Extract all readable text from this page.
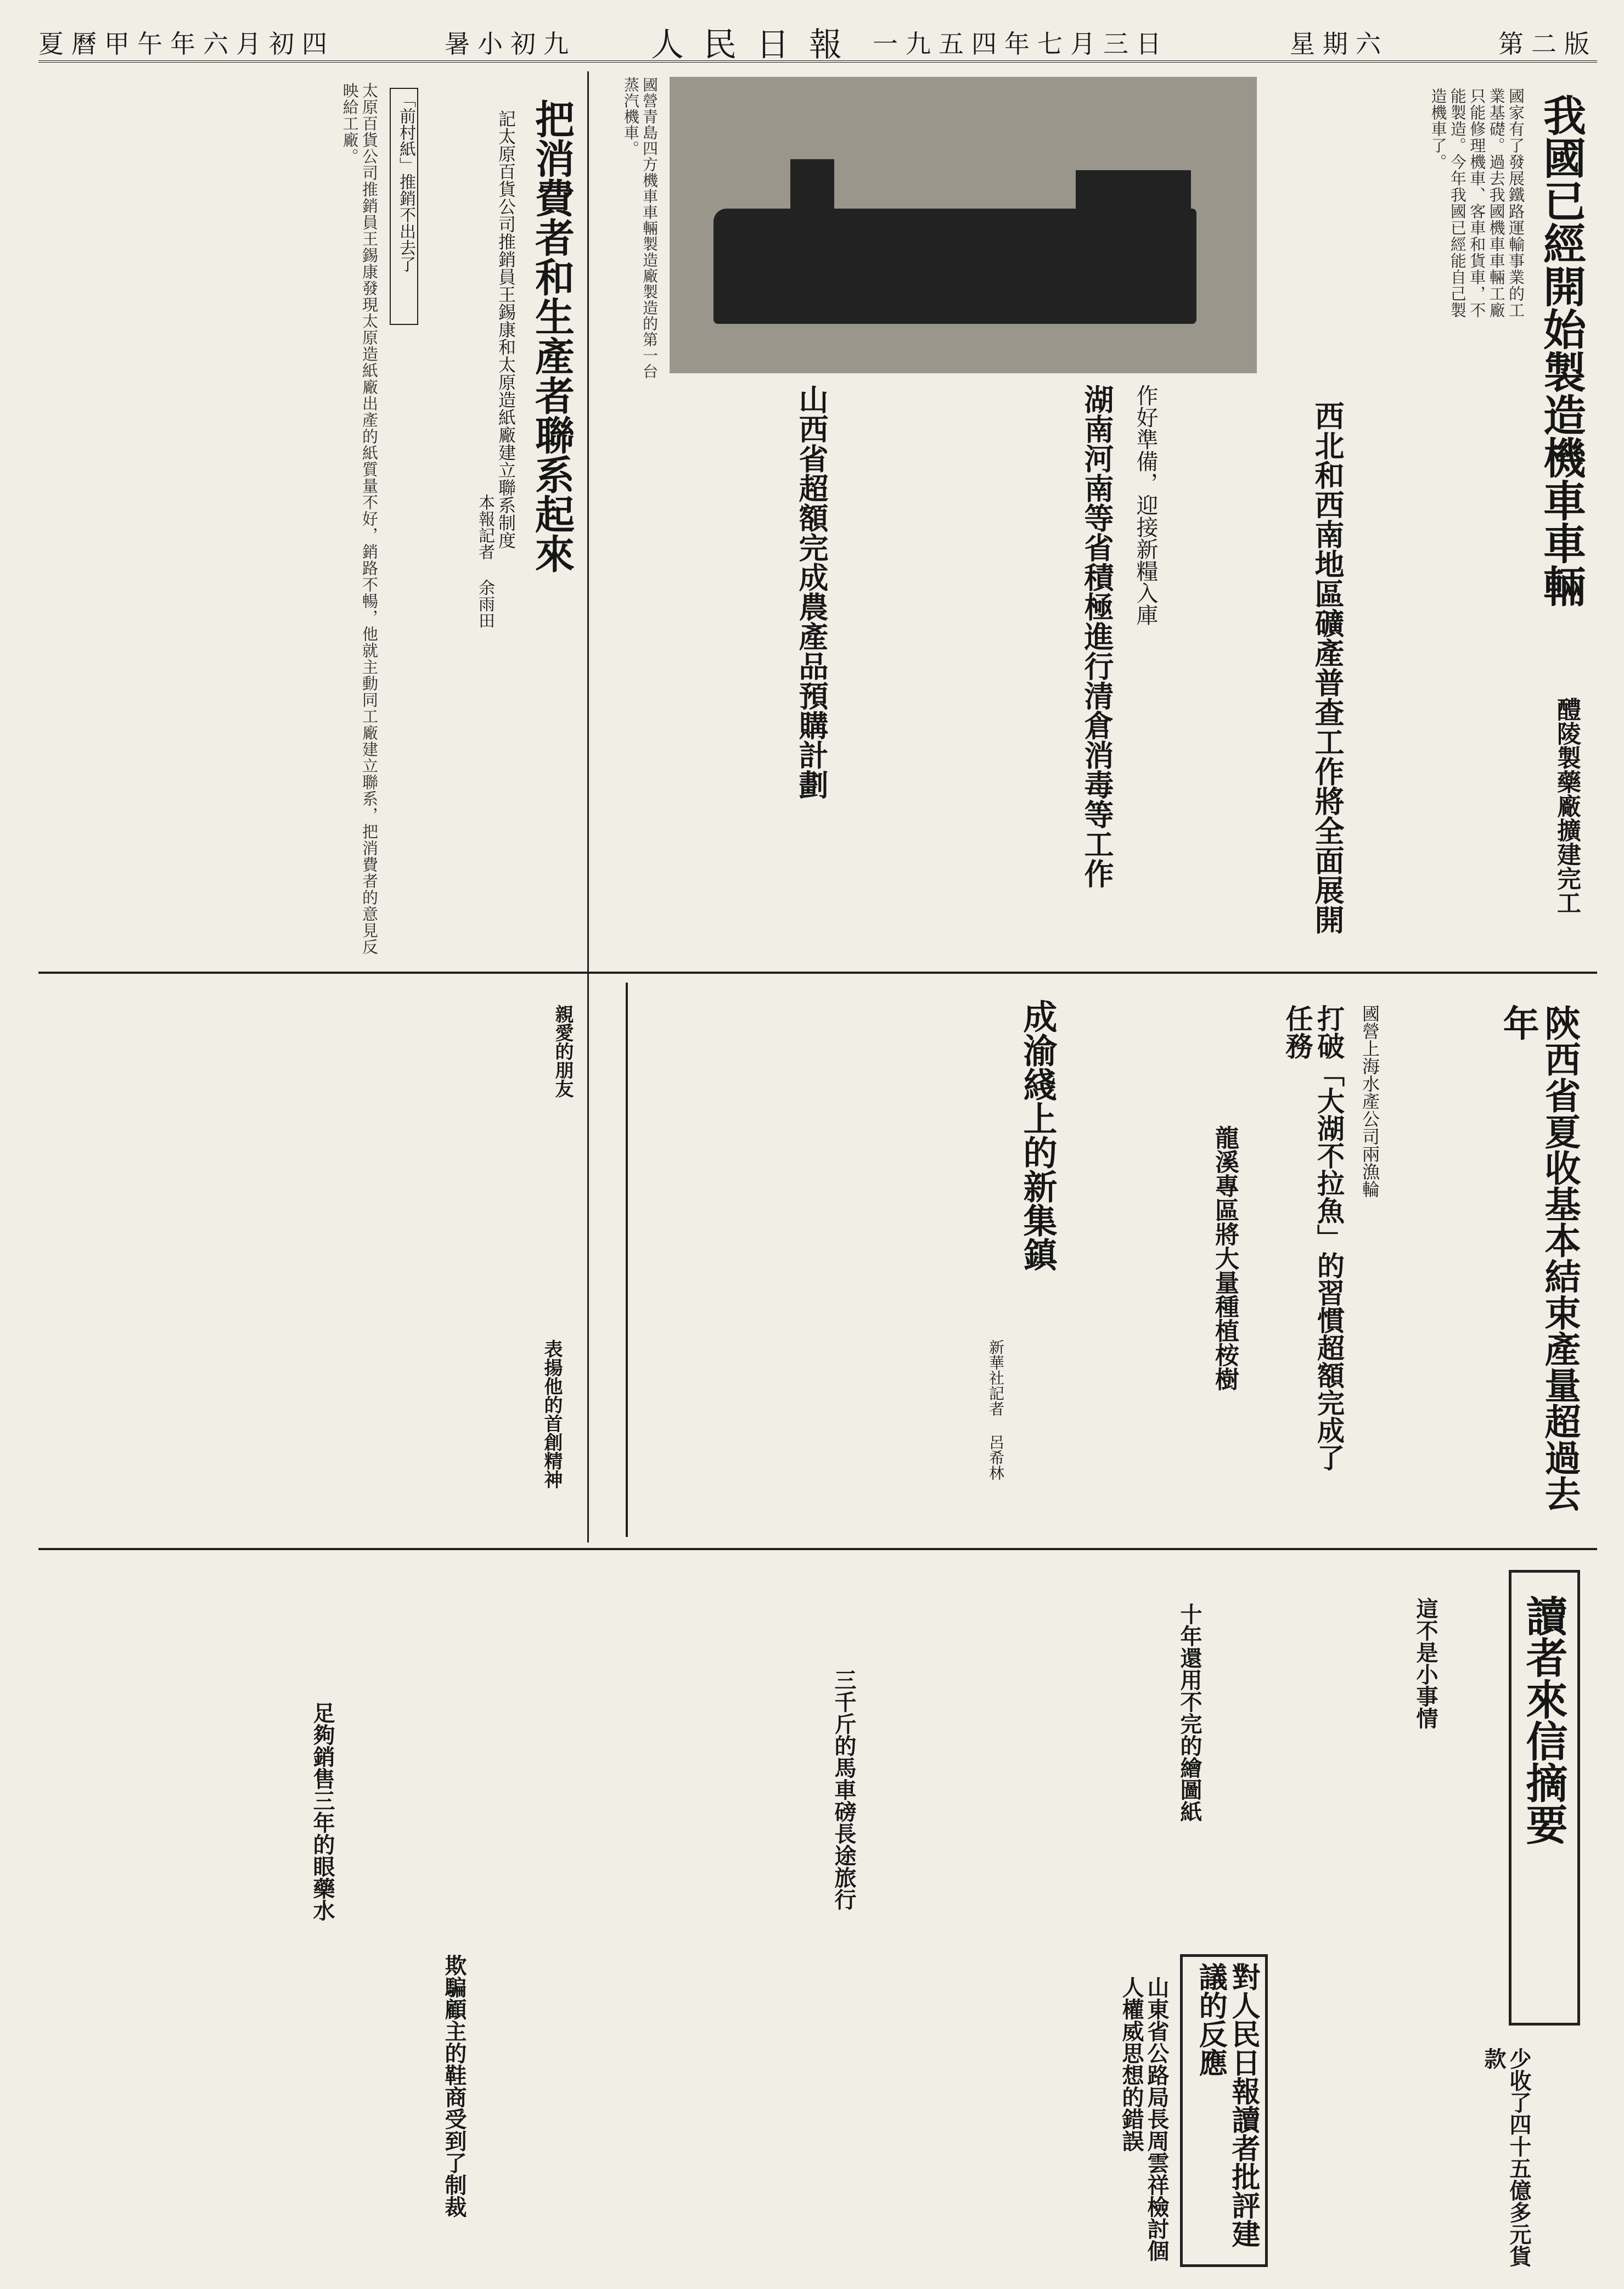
第二版
星期六
一九五四年七月三日
人民日報
暑小初九
夏曆甲午年六月初四
我國已經開始製造機車車輛
國家有了發展鐵路運輸事業的工業基礎。過去我國機車車輛工廠只能修理機車、客車和貨車，不能製造。今年我國已經能自己製造機車了。
國營青島四方機車車輛製造廠製造的第一台蒸汽機車。
西北和西南地區礦產普查工作將全面展開
湖南河南等省積極進行清倉消毒等工作 作好準備，迎接新糧入庫
山西省超額完成農產品預購計劃
把消費者和生產者聯系起來
記太原百貨公司推銷員王錫康和太原造紙廠建立聯系制度
本報記者 余雨田
「前村紙」推銷不出去了
太原百貨公司推銷員王錫康發現太原造紙廠出產的紙質量不好，銷路不暢，他就主動同工廠建立聯系，把消費者的意見反映給工廠。
陝西省夏收基本結束產量超過去年
醴陵製藥廠擴建完工
打破「大湖不拉魚」的習慣超額完成了任務	國營上海水產公司兩漁輪
龍溪專區將大量種植桉樹
成渝綫上的新集鎮
新華社記者 呂希林
親愛的朋友
表揚他的首創精神
讀者來信摘要
少收了四十五億多元貨款
這不是小事情
十年還用不完的繪圖紙
三千斤的馬車磅長途旅行
足夠銷售三年的眼藥水
欺騙顧主的鞋商受到了制裁	對人民日報讀者批評建議的反應
山東省公路局長周雲祥檢討個人權威思想的錯誤
